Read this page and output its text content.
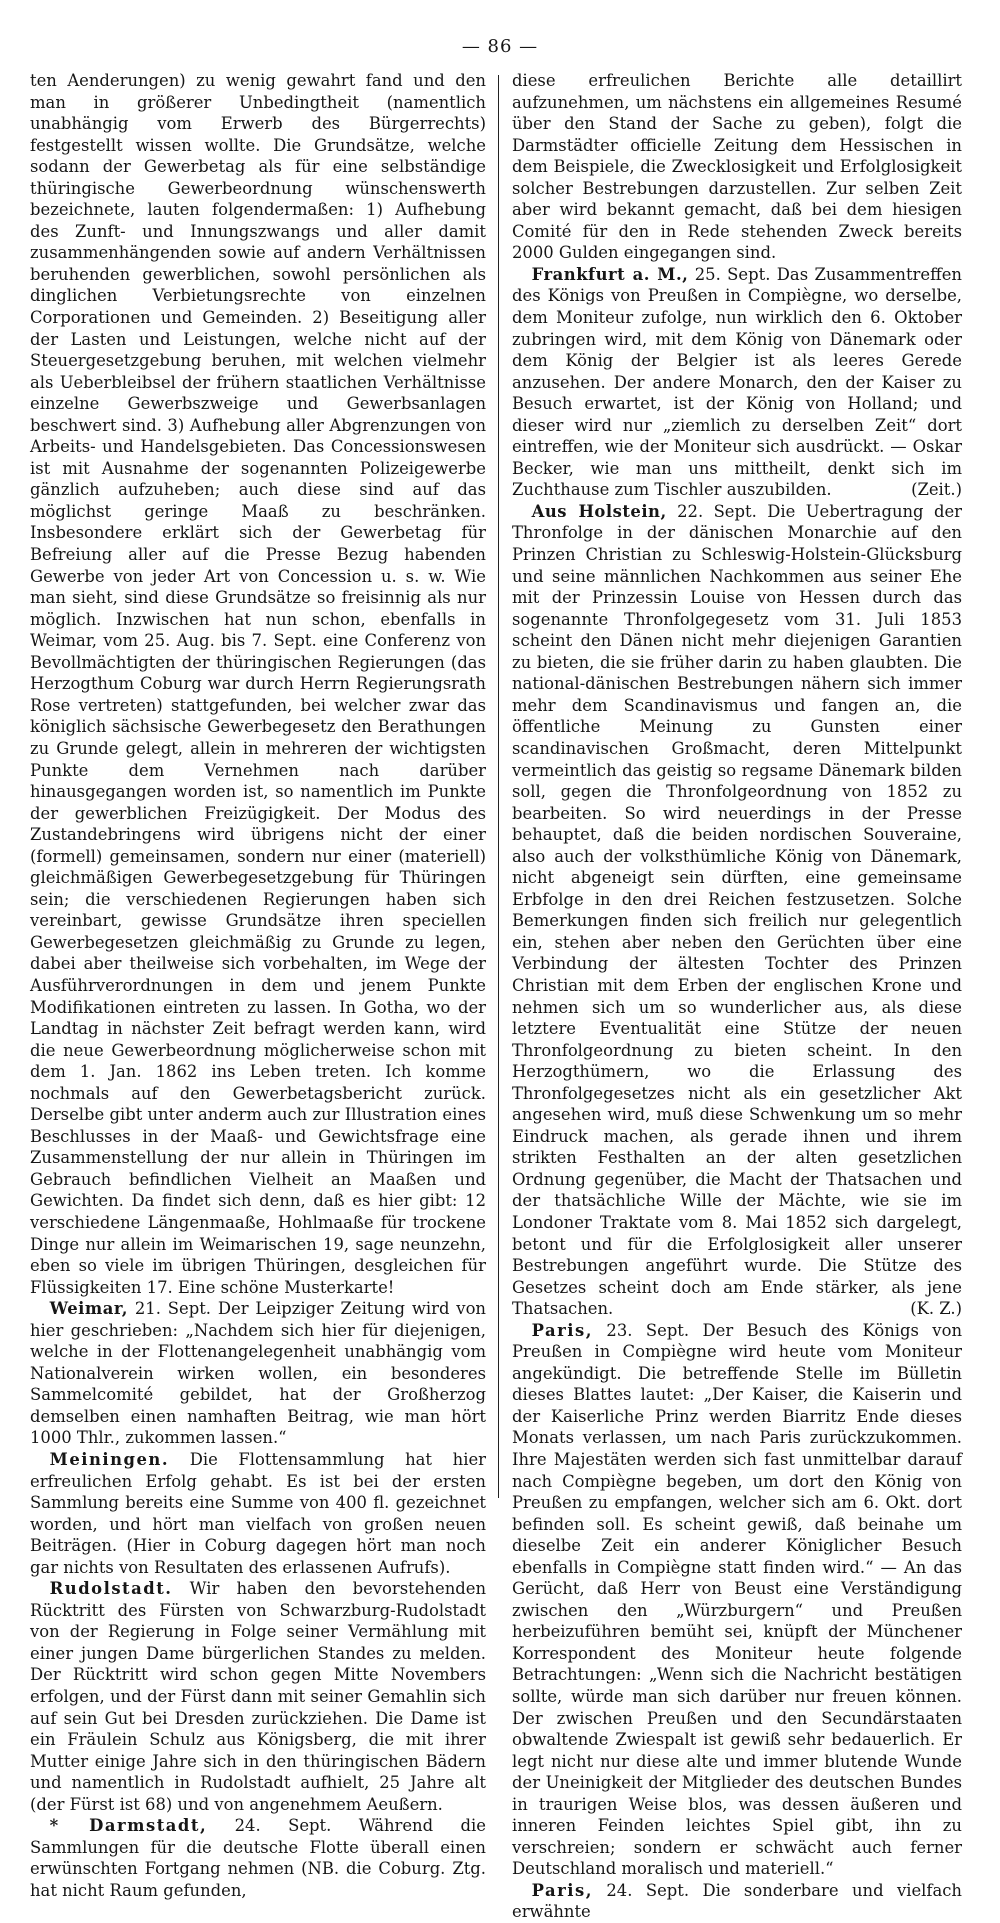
— 86 —

ten Aenderungen) zu wenig gewahrt fand und den man in größerer Unbedingtheit (namentlich unabhängig vom Erwerb des Bürgerrechts) festgestellt wissen wollte. Die Grundsätze, welche sodann der Gewerbetag als für eine selbständige thüringische Gewerbeordnung wünschenswerth bezeichnete, lauten folgendermaßen: 1) Aufhebung des Zunft- und Innungszwangs und aller damit zusammenhängenden sowie auf andern Verhältnissen beruhenden gewerblichen, sowohl persönlichen als dinglichen Verbietungsrechte von einzelnen Corporationen und Gemeinden. 2) Beseitigung aller der Lasten und Leistungen, welche nicht auf der Steuergesetzgebung beruhen, mit welchen vielmehr als Ueberbleibsel der frühern staatlichen Verhältnisse einzelne Gewerbszweige und Gewerbsanlagen beschwert sind. 3) Aufhebung aller Abgrenzungen von Arbeits- und Handelsgebieten. Das Concessionswesen ist mit Ausnahme der sogenannten Polizeigewerbe gänzlich aufzuheben; auch diese sind auf das möglichst geringe Maaß zu beschränken. Insbesondere erklärt sich der Gewerbetag für Befreiung aller auf die Presse Bezug habenden Gewerbe von jeder Art von Concession u. s. w. Wie man sieht, sind diese Grundsätze so freisinnig als nur möglich. Inzwischen hat nun schon, ebenfalls in Weimar, vom 25. Aug. bis 7. Sept. eine Conferenz von Bevollmächtigten der thüringischen Regierungen (das Herzogthum Coburg war durch Herrn Regierungsrath Rose vertreten) stattgefunden, bei welcher zwar das königlich sächsische Gewerbegesetz den Berathungen zu Grunde gelegt, allein in mehreren der wichtigsten Punkte dem Vernehmen nach darüber hinausgegangen worden ist, so namentlich im Punkte der gewerblichen Freizügigkeit. Der Modus des Zustandebringens wird übrigens nicht der einer (formell) gemeinsamen, sondern nur einer (materiell) gleichmäßigen Gewerbegesetzgebung für Thüringen sein; die verschiedenen Regierungen haben sich vereinbart, gewisse Grundsätze ihren speciellen Gewerbegesetzen gleichmäßig zu Grunde zu legen, dabei aber theilweise sich vorbehalten, im Wege der Ausführverordnungen in dem und jenem Punkte Modifikationen eintreten zu lassen. In Gotha, wo der Landtag in nächster Zeit befragt werden kann, wird die neue Gewerbeordnung möglicherweise schon mit dem 1. Jan. 1862 ins Leben treten. Ich komme nochmals auf den Gewerbetagsbericht zurück. Derselbe gibt unter anderm auch zur Illustration eines Beschlusses in der Maaß- und Gewichtsfrage eine Zusammenstellung der nur allein in Thüringen im Gebrauch befindlichen Vielheit an Maaßen und Gewichten. Da findet sich denn, daß es hier gibt: 12 verschiedene Längenmaaße, Hohlmaaße für trockene Dinge nur allein im Weimarischen 19, sage neunzehn, eben so viele im übrigen Thüringen, desgleichen für Flüssigkeiten 17. Eine schöne Musterkarte!

Weimar, 21. Sept. Der Leipziger Zeitung wird von hier geschrieben: „Nachdem sich hier für diejenigen, welche in der Flottenangelegenheit unabhängig vom Nationalverein wirken wollen, ein besonderes Sammelcomité gebildet, hat der Großherzog demselben einen namhaften Beitrag, wie man hört 1000 Thlr., zukommen lassen.“

Meiningen. Die Flottensammlung hat hier erfreulichen Erfolg gehabt. Es ist bei der ersten Sammlung bereits eine Summe von 400 fl. gezeichnet worden, und hört man vielfach von großen neuen Beiträgen. (Hier in Coburg dagegen hört man noch gar nichts von Resultaten des erlassenen Aufrufs).

Rudolstadt. Wir haben den bevorstehenden Rücktritt des Fürsten von Schwarzburg-Rudolstadt von der Regierung in Folge seiner Vermählung mit einer jungen Dame bürgerlichen Standes zu melden. Der Rücktritt wird schon gegen Mitte Novembers erfolgen, und der Fürst dann mit seiner Gemahlin sich auf sein Gut bei Dresden zurückziehen. Die Dame ist ein Fräulein Schulz aus Königsberg, die mit ihrer Mutter einige Jahre sich in den thüringischen Bädern und namentlich in Rudolstadt aufhielt, 25 Jahre alt (der Fürst ist 68) und von angenehmem Aeußern.

* Darmstadt, 24. Sept. Während die Sammlungen für die deutsche Flotte überall einen erwünschten Fortgang nehmen (NB. die Coburg. Ztg. hat nicht Raum gefunden,

diese erfreulichen Berichte alle detaillirt aufzunehmen, um nächstens ein allgemeines Resumé über den Stand der Sache zu geben), folgt die Darmstädter officielle Zeitung dem Hessischen in dem Beispiele, die Zwecklosigkeit und Erfolglosigkeit solcher Bestrebungen darzustellen. Zur selben Zeit aber wird bekannt gemacht, daß bei dem hiesigen Comité für den in Rede stehenden Zweck bereits 2000 Gulden eingegangen sind.

Frankfurt a. M., 25. Sept. Das Zusammentreffen des Königs von Preußen in Compiègne, wo derselbe, dem Moniteur zufolge, nun wirklich den 6. Oktober zubringen wird, mit dem König von Dänemark oder dem König der Belgier ist als leeres Gerede anzusehen. Der andere Monarch, den der Kaiser zu Besuch erwartet, ist der König von Holland; und dieser wird nur „ziemlich zu derselben Zeit“ dort eintreffen, wie der Moniteur sich ausdrückt. — Oskar Becker, wie man uns mittheilt, denkt sich im Zuchthause zum Tischler auszubilden.	(Zeit.)

Aus Holstein, 22. Sept. Die Uebertragung der Thronfolge in der dänischen Monarchie auf den Prinzen Christian zu Schleswig-Holstein-Glücksburg und seine männlichen Nachkommen aus seiner Ehe mit der Prinzessin Louise von Hessen durch das sogenannte Thronfolgegesetz vom 31. Juli 1853 scheint den Dänen nicht mehr diejenigen Garantien zu bieten, die sie früher darin zu haben glaubten. Die national-dänischen Bestrebungen nähern sich immer mehr dem Scandinavismus und fangen an, die öffentliche Meinung zu Gunsten einer scandinavischen Großmacht, deren Mittelpunkt vermeintlich das geistig so regsame Dänemark bilden soll, gegen die Thronfolgeordnung von 1852 zu bearbeiten. So wird neuerdings in der Presse behauptet, daß die beiden nordischen Souveraine, also auch der volksthümliche König von Dänemark, nicht abgeneigt sein dürften, eine gemeinsame Erbfolge in den drei Reichen festzusetzen. Solche Bemerkungen finden sich freilich nur gelegentlich ein, stehen aber neben den Gerüchten über eine Verbindung der ältesten Tochter des Prinzen Christian mit dem Erben der englischen Krone und nehmen sich um so wunderlicher aus, als diese letztere Eventualität eine Stütze der neuen Thronfolgeordnung zu bieten scheint. In den Herzogthümern, wo die Erlassung des Thronfolgegesetzes nicht als ein gesetzlicher Akt angesehen wird, muß diese Schwenkung um so mehr Eindruck machen, als gerade ihnen und ihrem strikten Festhalten an der alten gesetzlichen Ordnung gegenüber, die Macht der Thatsachen und der thatsächliche Wille der Mächte, wie sie im Londoner Traktate vom 8. Mai 1852 sich dargelegt, betont und für die Erfolglosigkeit aller unserer Bestrebungen angeführt wurde. Die Stütze des Gesetzes scheint doch am Ende stärker, als jene Thatsachen.	(K. Z.)

Paris, 23. Sept. Der Besuch des Königs von Preußen in Compiègne wird heute vom Moniteur angekündigt. Die betreffende Stelle im Bülletin dieses Blattes lautet: „Der Kaiser, die Kaiserin und der Kaiserliche Prinz werden Biarritz Ende dieses Monats verlassen, um nach Paris zurückzukommen. Ihre Majestäten werden sich fast unmittelbar darauf nach Compiègne begeben, um dort den König von Preußen zu empfangen, welcher sich am 6. Okt. dort befinden soll. Es scheint gewiß, daß beinahe um dieselbe Zeit ein anderer Königlicher Besuch ebenfalls in Compiègne statt finden wird.“ — An das Gerücht, daß Herr von Beust eine Verständigung zwischen den „Würzburgern“ und Preußen herbeizuführen bemüht sei, knüpft der Münchener Korrespondent des Moniteur heute folgende Betrachtungen: „Wenn sich die Nachricht bestätigen sollte, würde man sich darüber nur freuen können. Der zwischen Preußen und den Secundärstaaten obwaltende Zwiespalt ist gewiß sehr bedauerlich. Er legt nicht nur diese alte und immer blutende Wunde der Uneinigkeit der Mitglieder des deutschen Bundes in traurigen Weise blos, was dessen äußeren und inneren Feinden leichtes Spiel gibt, ihn zu verschreien; sondern er schwächt auch ferner Deutschland moralisch und materiell.“

Paris, 24. Sept. Die sonderbare und vielfach erwähnte
